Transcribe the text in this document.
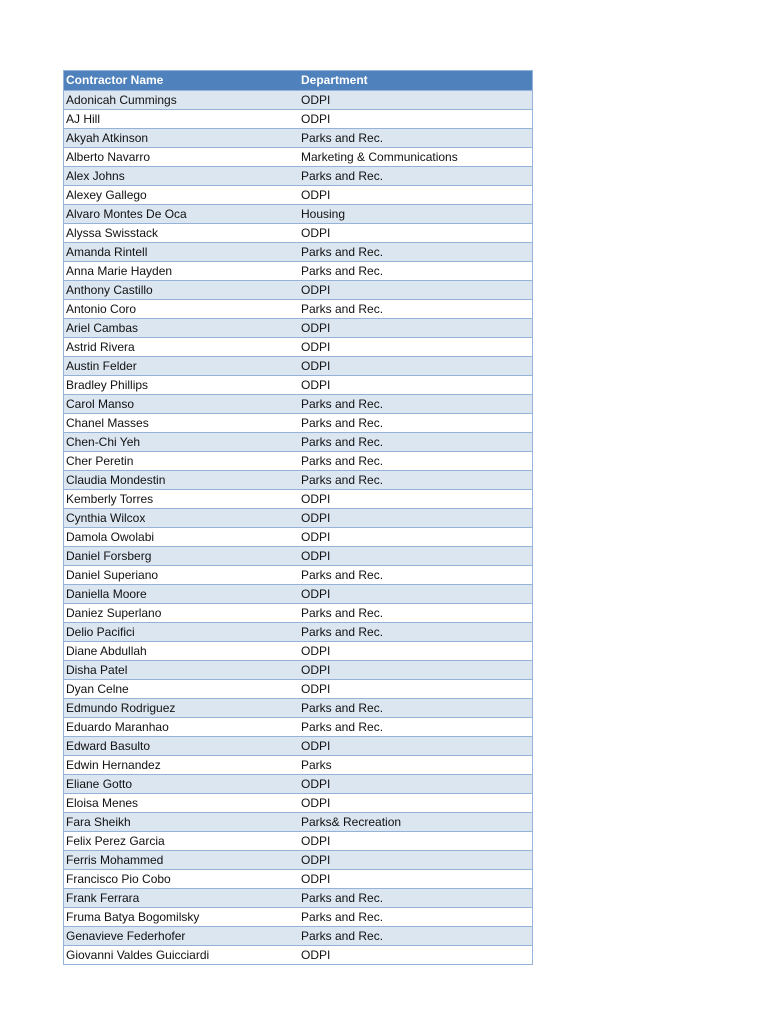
Contractor Name	Department
Adonicah Cummings	ODPI
AJ Hill	ODPI
Akyah Atkinson	Parks and Rec.
Alberto Navarro	Marketing & Communications
Alex Johns	Parks and Rec.
Alexey Gallego	ODPI
Alvaro Montes De Oca	Housing
Alyssa Swisstack	ODPI
Amanda Rintell	Parks and Rec.
Anna Marie Hayden	Parks and Rec.
Anthony Castillo	ODPI
Antonio Coro	Parks and Rec.
Ariel Cambas	ODPI
Astrid Rivera	ODPI
Austin Felder	ODPI
Bradley Phillips	ODPI
Carol Manso	Parks and Rec.
Chanel Masses	Parks and Rec.
Chen-Chi Yeh	Parks and Rec.
Cher Peretin	Parks and Rec.
Claudia Mondestin	Parks and Rec.
Kemberly Torres	ODPI
Cynthia Wilcox	ODPI
Damola Owolabi	ODPI
Daniel Forsberg	ODPI
Daniel Superiano	Parks and Rec.
Daniella Moore	ODPI
Daniez Superlano	Parks and Rec.
Delio Pacifici	Parks and Rec.
Diane Abdullah	ODPI
Disha Patel	ODPI
Dyan Celne	ODPI
Edmundo Rodriguez	Parks and Rec.
Eduardo Maranhao	Parks and Rec.
Edward Basulto	ODPI
Edwin Hernandez	Parks
Eliane Gotto	ODPI
Eloisa Menes	ODPI
Fara Sheikh	Parks& Recreation
Felix Perez Garcia	ODPI
Ferris Mohammed	ODPI
Francisco Pio Cobo	ODPI
Frank Ferrara	Parks and Rec.
Fruma Batya Bogomilsky	Parks and Rec.
Genavieve Federhofer	Parks and Rec.
Giovanni Valdes Guicciardi	ODPI
